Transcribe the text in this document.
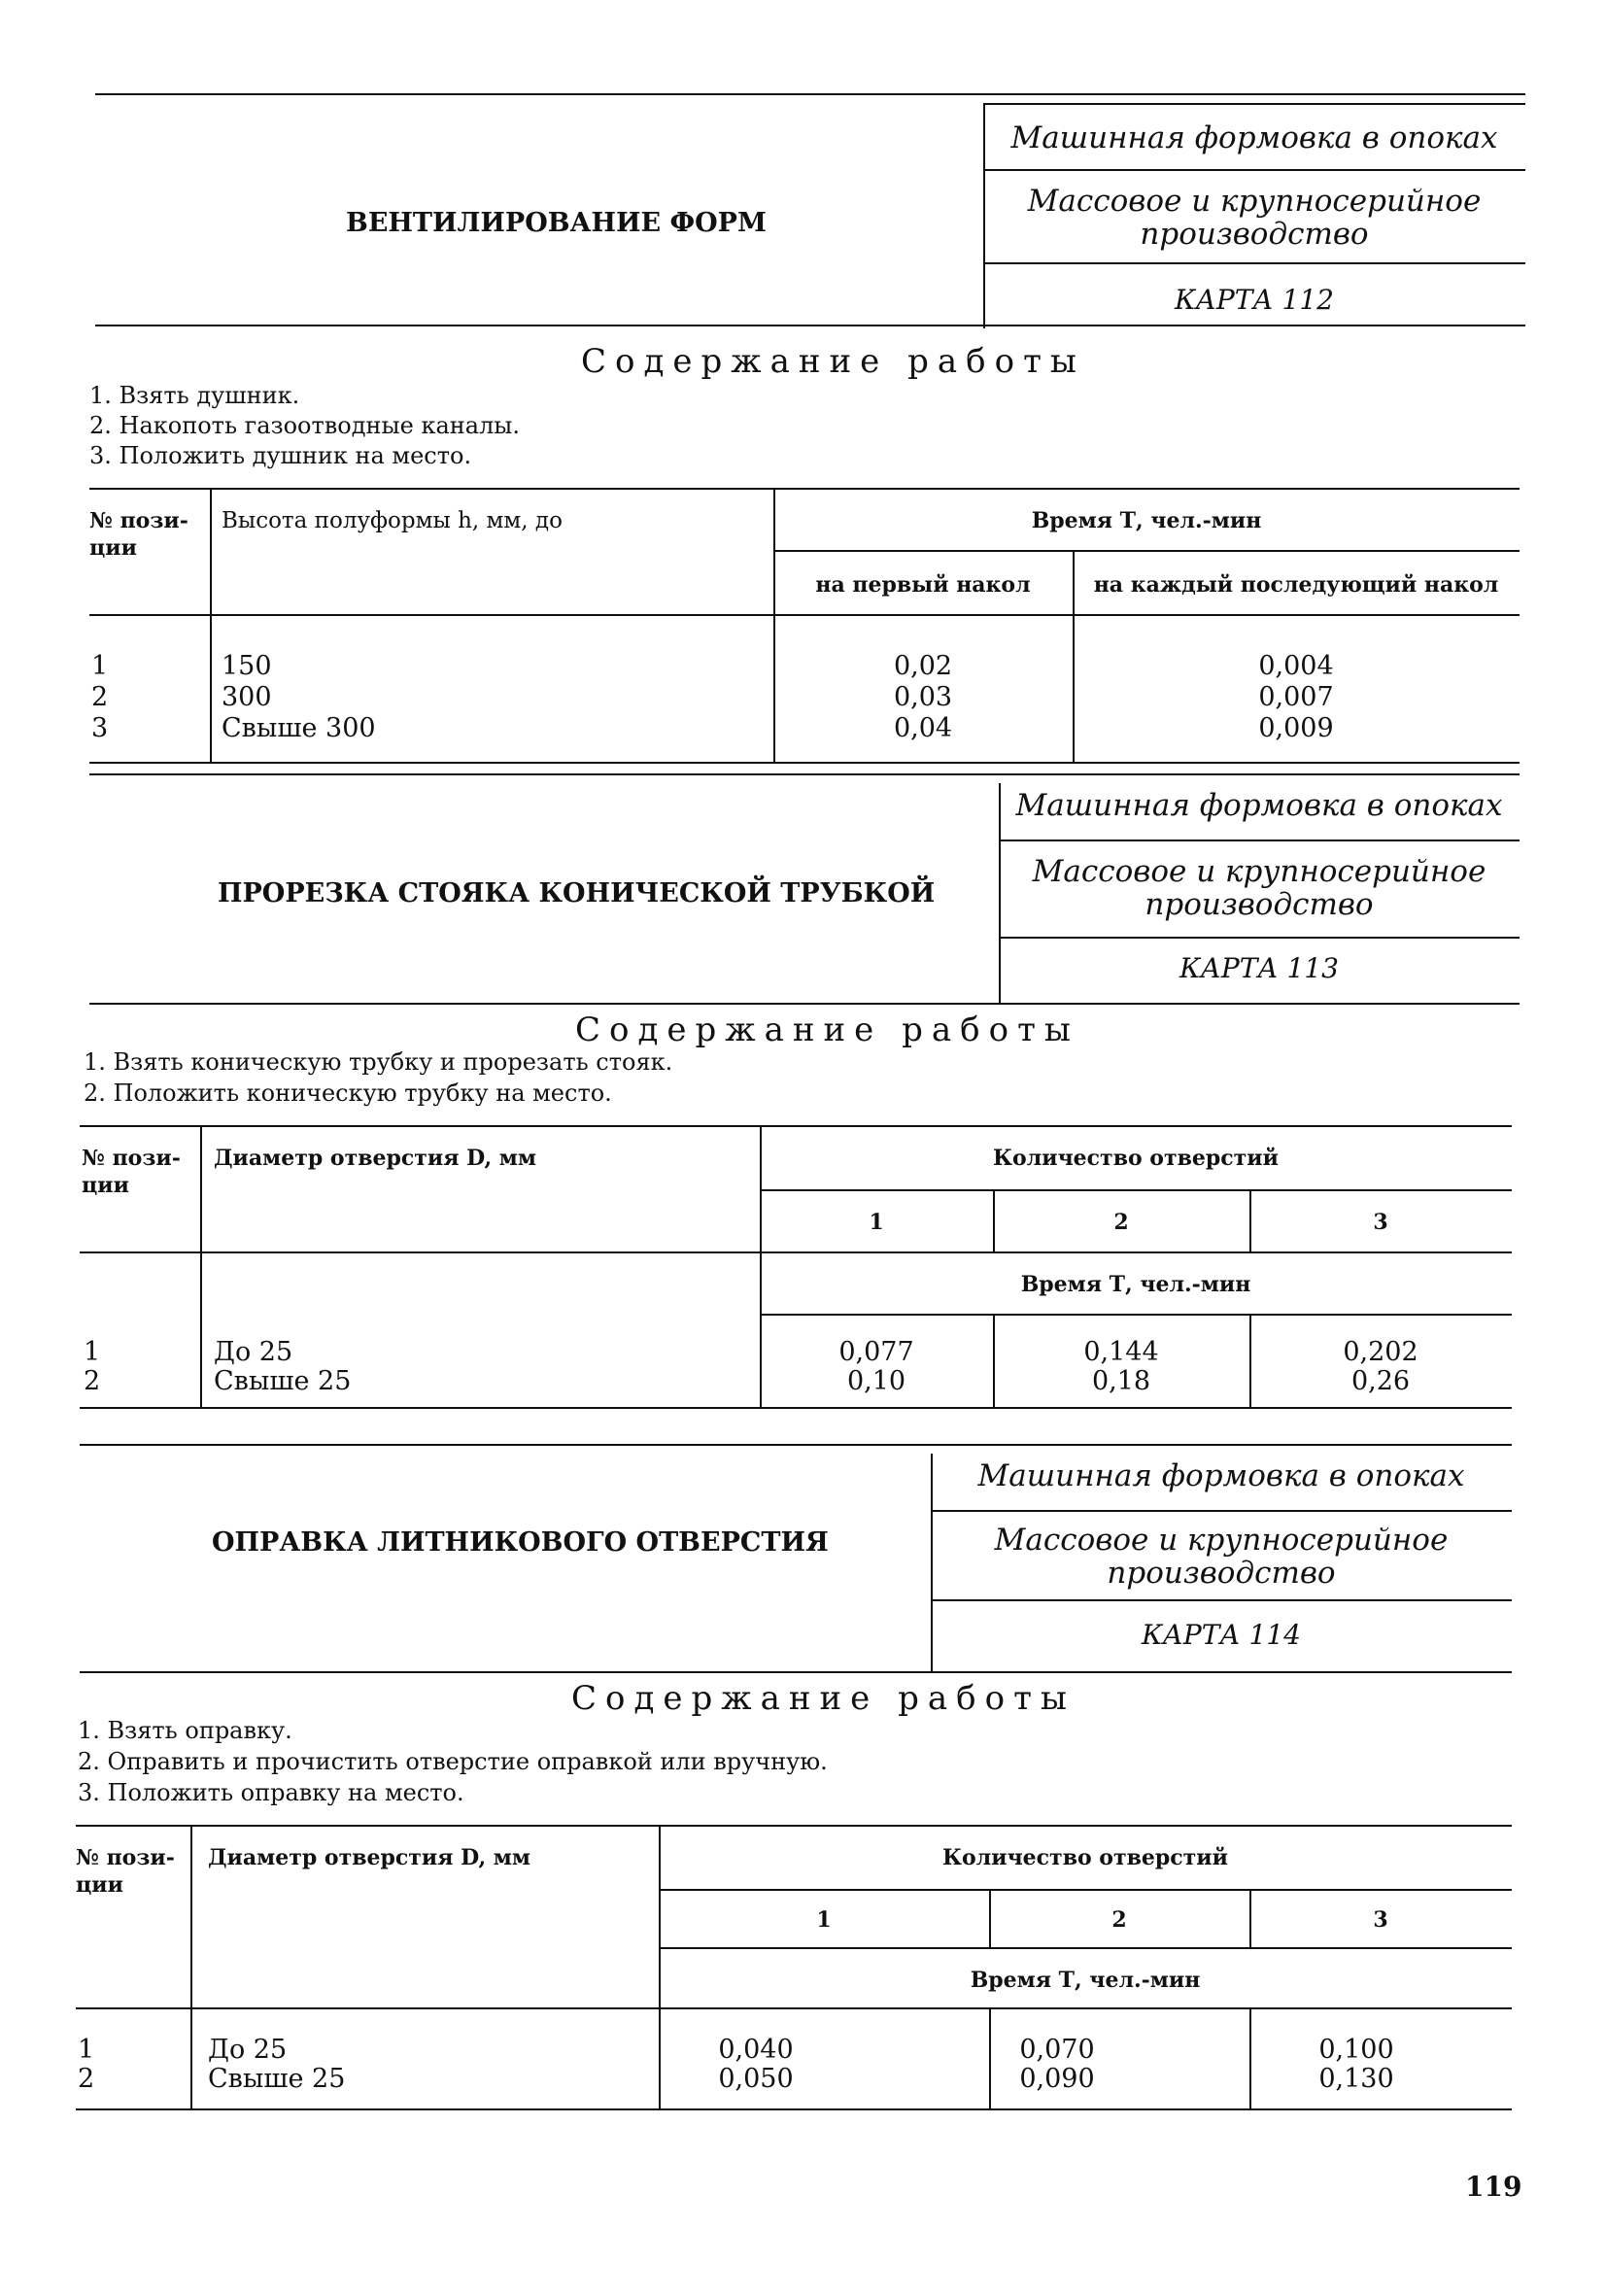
Машинная формовка в опоках
Массовое и крупносерийное
производство
КАРТА 112
ВЕНТИЛИРОВАНИЕ ФОРМ
Содержание работы
1. Взять душник.
2. Накопоть газоотводные каналы.
3. Положить душник на место.
№ пози-
ции
Высота полуформы h, мм, до	Время Т, чел.-мин
на первый накол	на каждый последующий накол
1	150	0,02	0,004
2	300	0,03	0,007
3	Свыше 300	0,04	0,009
Машинная формовка в опоках
Массовое и крупносерийное
производство
КАРТА 113
ПРОРЕЗКА СТОЯКА КОНИЧЕСКОЙ ТРУБКОЙ
Содержание работы
1. Взять коническую трубку и прорезать стояк.
2. Положить коническую трубку на место.
№ пози-
ции
Диаметр отверстия D, мм	Количество отверстий
1	2	3
Время Т, чел.-мин
1	До 25	0,077	0,144	0,202
2	Свыше 25	0,10	0,18	0,26
Машинная формовка в опоках
Массовое и крупносерийное
производство
КАРТА 114
ОПРАВКА ЛИТНИКОВОГО ОТВЕРСТИЯ
Содержание работы
1. Взять оправку.
2. Оправить и прочистить отверстие оправкой или вручную.
3. Положить оправку на место.
№ пози-
ции
Диаметр отверстия D, мм	Количество отверстий
1	2	3
Время Т, чел.-мин
1	До 25	0,040	0,070	0,100
2	Свыше 25	0,050	0,090	0,130
119
